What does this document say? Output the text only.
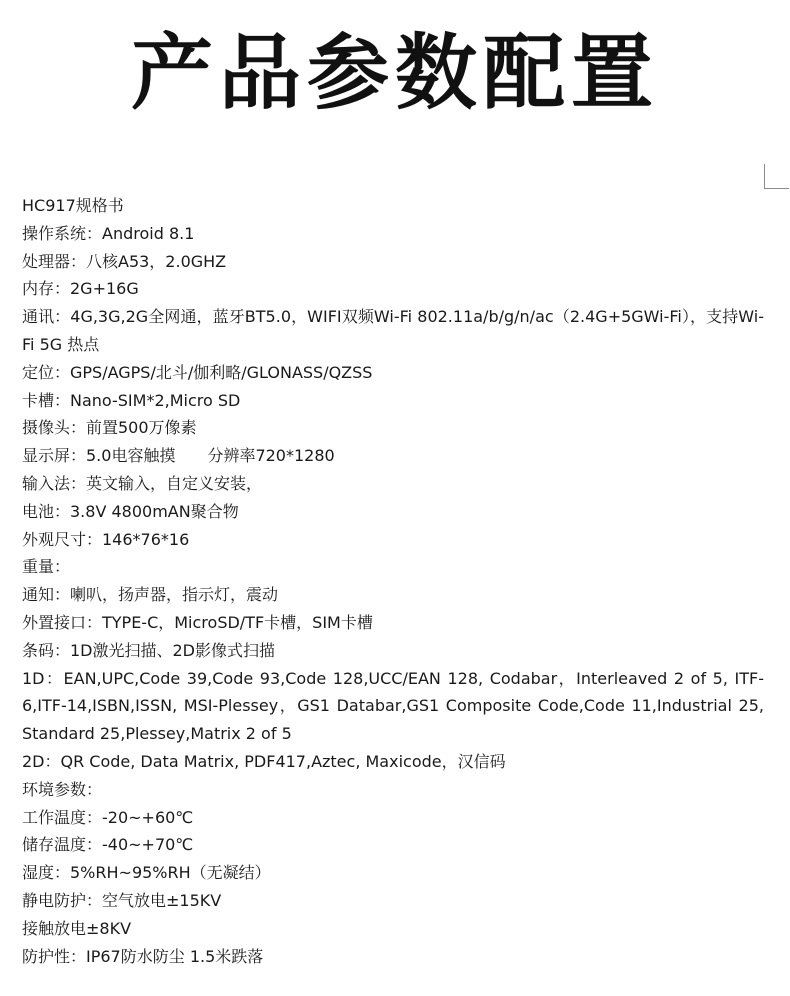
产品参数配置
HC917规格书
操作系统：Android 8.1
处理器：八核A53，2.0GHZ
内存：2G+16G
通讯：4G,3G,2G全网通，蓝牙BT5.0，WIFI双频Wi-Fi 802.11a/b/g/n/ac（2.4G+5GWi-Fi），支持Wi-Fi 5G 热点
定位：GPS/AGPS/北斗/伽利略/GLONASS/QZSS
卡槽：Nano-SIM*2,Micro SD
摄像头：前置500万像素
显示屏：5.0电容触摸　　分辨率720*1280
输入法：英文输入，自定义安装，
电池：3.8V 4800mAN聚合物
外观尺寸：146*76*16
重量：
通知：喇叭，扬声器，指示灯，震动
外置接口：TYPE-C，MicroSD/TF卡槽，SIM卡槽
条码：1D激光扫描、2D影像式扫描
1D：EAN,UPC,Code 39,Code 93,Code 128,UCC/EAN 128, Codabar，Interleaved 2 of 5, ITF-6,ITF-14,ISBN,ISSN, MSI-Plessey，GS1 Databar,GS1 Composite Code,Code 11,Industrial 25, Standard 25,Plessey,Matrix 2 of 5
2D：QR Code, Data Matrix, PDF417,Aztec, Maxicode，汉信码
环境参数：
工作温度：-20~+60℃
储存温度：-40~+70℃
湿度：5%RH~95%RH（无凝结）
静电防护：空气放电±15KV
接触放电±8KV
防护性：IP67防水防尘 1.5米跌落
